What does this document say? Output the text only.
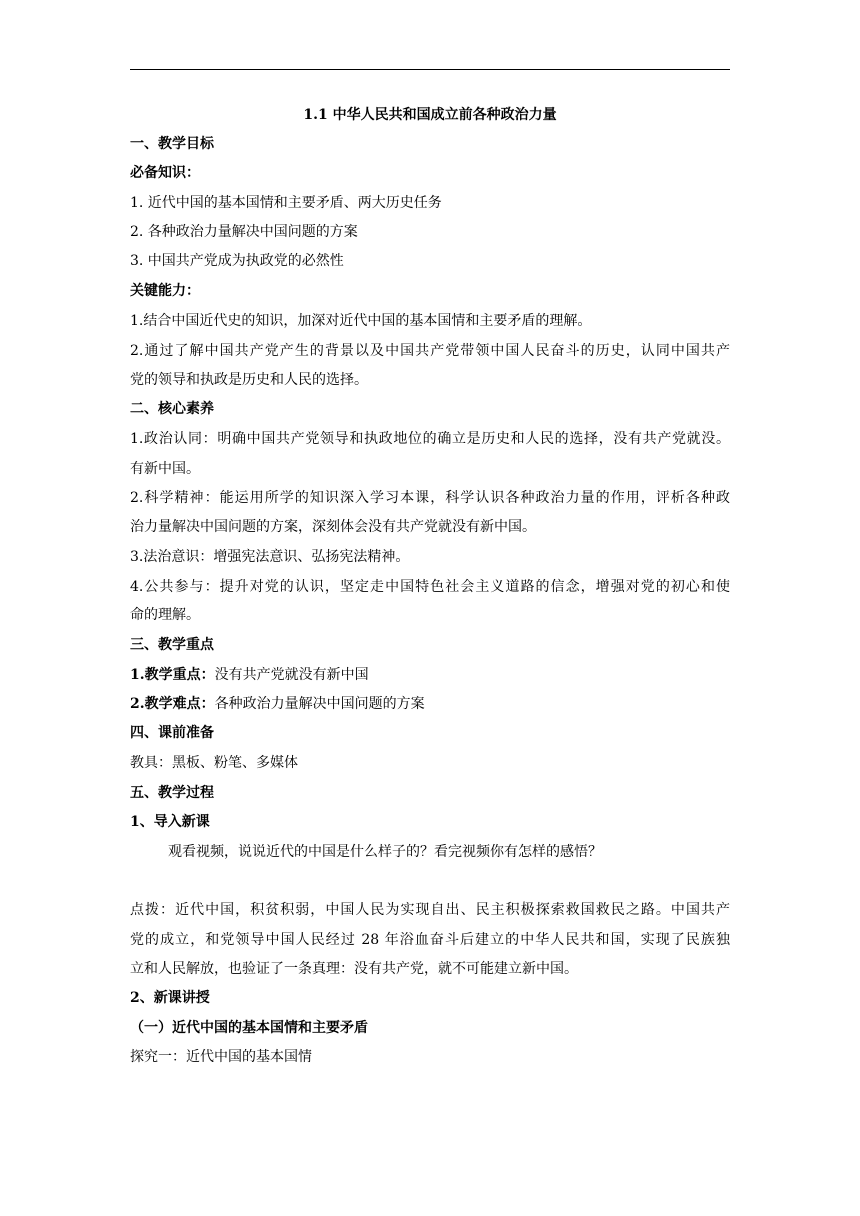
1.1 中华人民共和国成立前各种政治力量
一、教学目标
必备知识：
1. 近代中国的基本国情和主要矛盾、两大历史任务
2. 各种政治力量解决中国问题的方案
3. 中国共产党成为执政党的必然性
关键能力：
1.结合中国近代史的知识，加深对近代中国的基本国情和主要矛盾的理解。
2.通过了解中国共产党产生的背景以及中国共产党带领中国人民奋斗的历史，认同中国共产
党的领导和执政是历史和人民的选择。
二、核心素养
1.政治认同：明确中国共产党领导和执政地位的确立是历史和人民的选择，没有共产党就没。
有新中国。
2.科学精神：能运用所学的知识深入学习本课，科学认识各种政治力量的作用，评析各种政
治力量解决中国问题的方案，深刻体会没有共产党就没有新中国。
3.法治意识：增强宪法意识、弘扬宪法精神。
4.公共参与：提升对党的认识，坚定走中国特色社会主义道路的信念，增强对党的初心和使
命的理解。
三、教学重点
1.教学重点：没有共产党就没有新中国
2.教学难点：各种政治力量解决中国问题的方案
四、课前准备
教具：黑板、粉笔、多媒体
五、教学过程
1、导入新课
观看视频，说说近代的中国是什么样子的？看完视频你有怎样的感悟？
点拨：近代中国，积贫积弱，中国人民为实现自出、民主积极探索救国救民之路。中国共产
党的成立，和党领导中国人民经过 28 年浴血奋斗后建立的中华人民共和国，实现了民族独
立和人民解放，也验证了一条真理：没有共产党，就不可能建立新中国。
2、新课讲授
（一）近代中国的基本国情和主要矛盾
探究一：近代中国的基本国情
